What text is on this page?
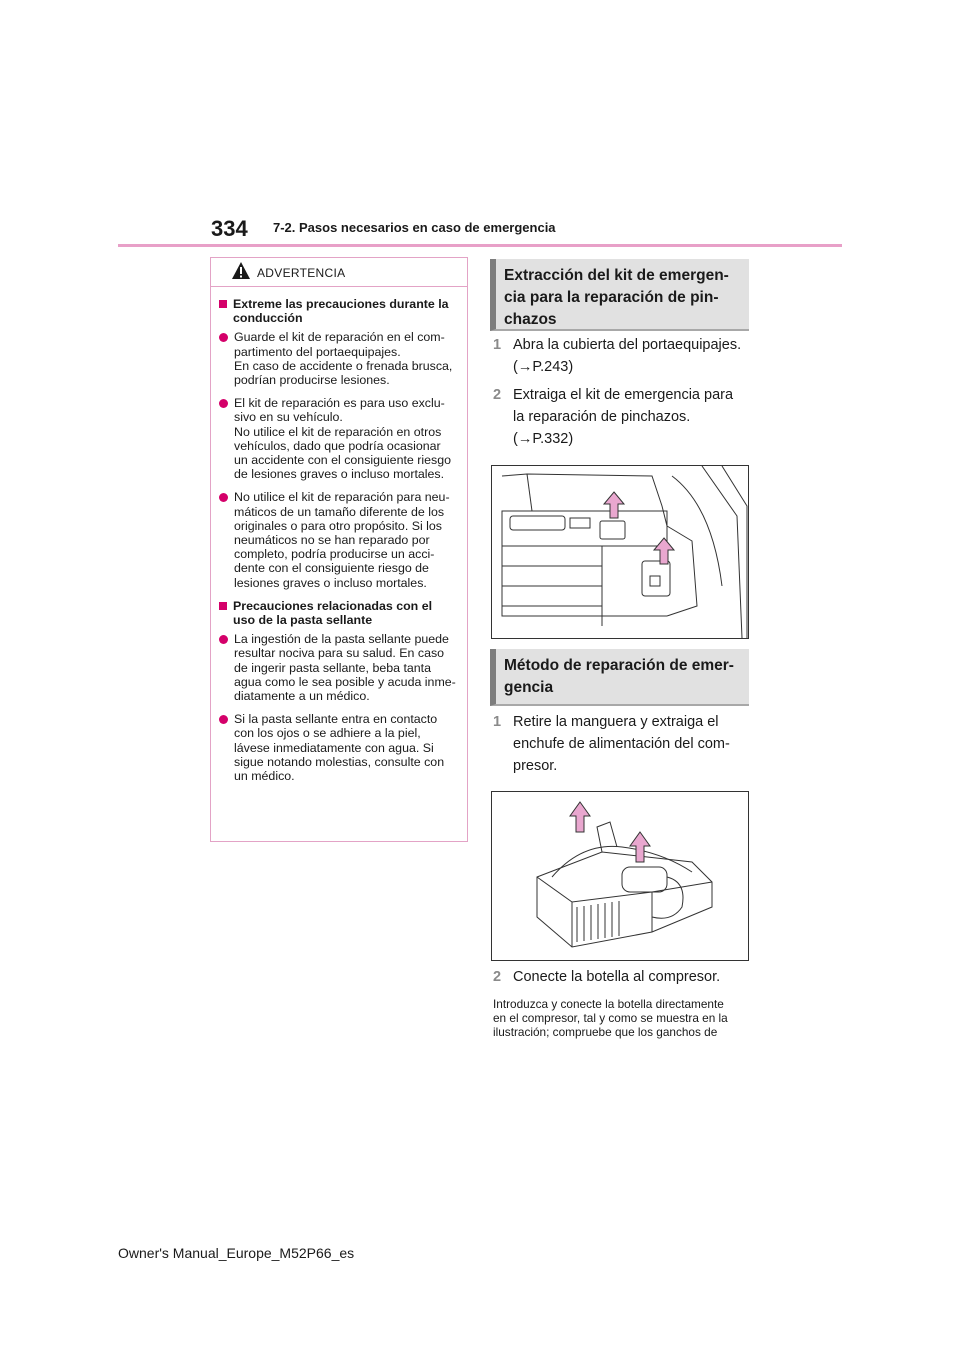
334 7-2. Pasos necesarios en caso de emergencia
ADVERTENCIA
Extreme las precauciones durante la conducción
Guarde el kit de reparación en el com-
partimento del portaequipajes.
En caso de accidente o frenada brusca,
podrían producirse lesiones.
El kit de reparación es para uso exclu-
sivo en su vehículo.
No utilice el kit de reparación en otros
vehículos, dado que podría ocasionar
un accidente con el consiguiente riesgo
de lesiones graves o incluso mortales.
No utilice el kit de reparación para neu-
máticos de un tamaño diferente de los
originales o para otro propósito. Si los
neumáticos no se han reparado por
completo, podría producirse un acci-
dente con el consiguiente riesgo de
lesiones graves o incluso mortales.
Precauciones relacionadas con el uso de la pasta sellante
La ingestión de la pasta sellante puede
resultar nociva para su salud. En caso
de ingerir pasta sellante, beba tanta
agua como le sea posible y acuda inme-
diatamente a un médico.
Si la pasta sellante entra en contacto
con los ojos o se adhiere a la piel,
lávese inmediatamente con agua. Si
sigue notando molestias, consulte con
un médico.
Extracción del kit de emergen-
cia para la reparación de pin-
chazos
1 Abra la cubierta del portaequipajes.
(→P.243)
2 Extraiga el kit de emergencia para
la reparación de pinchazos.
(→P.332)
Método de reparación de emer-
gencia
1 Retire la manguera y extraiga el
enchufe de alimentación del com-
presor.
2 Conecte la botella al compresor.
Introduzca y conecte la botella directamente
en el compresor, tal y como se muestra en la
ilustración; compruebe que los ganchos de
Owner's Manual_Europe_M52P66_es
